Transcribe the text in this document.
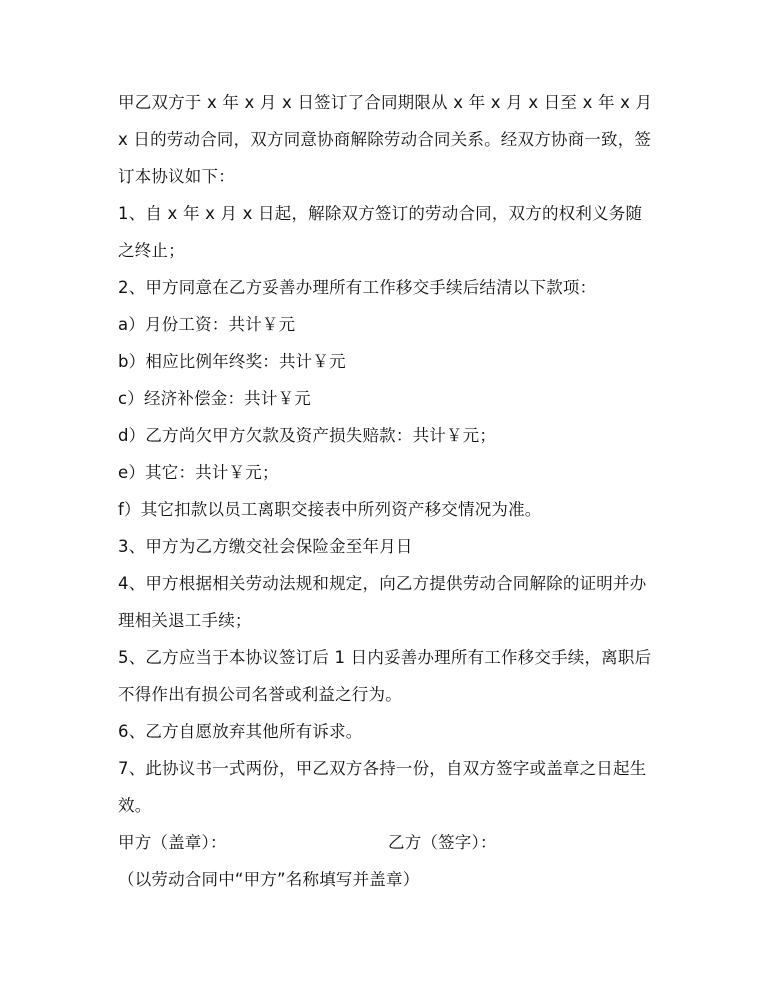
甲乙双方于 x 年 x 月 x 日签订了合同期限从 x 年 x 月 x 日至 x 年 x 月 x 日的劳动合同，双方同意协商解除劳动合同关系。经双方协商一致，签订本协议如下：

1、自 x 年 x 月 x 日起，解除双方签订的劳动合同，双方的权利义务随之终止；

2、甲方同意在乙方妥善办理所有工作移交手续后结清以下款项：

a）月份工资：共计￥元

b）相应比例年终奖：共计￥元

c）经济补偿金：共计￥元

d）乙方尚欠甲方欠款及资产损失赔款：共计￥元；

e）其它：共计￥元；

f）其它扣款以员工离职交接表中所列资产移交情况为准。

3、甲方为乙方缴交社会保险金至年月日

4、甲方根据相关劳动法规和规定，向乙方提供劳动合同解除的证明并办理相关退工手续；

5、乙方应当于本协议签订后 1 日内妥善办理所有工作移交手续，离职后不得作出有损公司名誉或利益之行为。

6、乙方自愿放弃其他所有诉求。

7、此协议书一式两份，甲乙双方各持一份，自双方签字或盖章之日起生效。

甲方（盖章）：	乙方（签字）：

（以劳动合同中“甲方”名称填写并盖章）
